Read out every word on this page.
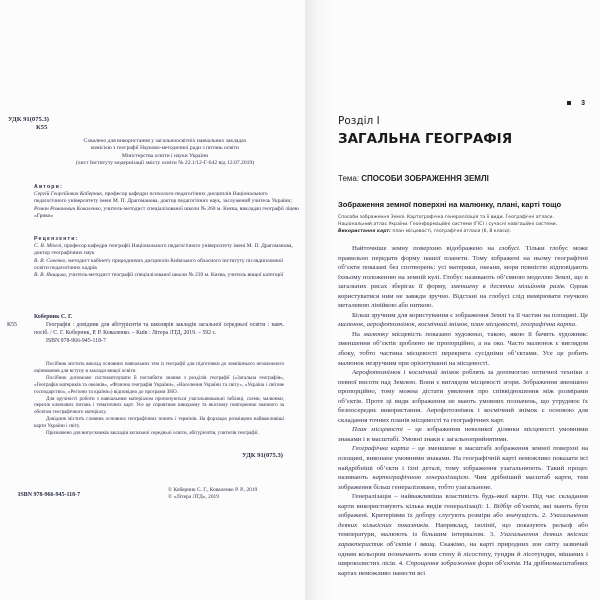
УДК 91(075.3)
К55
Схвалено для використання у загальноосвітніх навчальних закладах
комісією з географії Науково-методичної ради з питань освіти
Міністерства освіти і науки України
(лист Інституту модернізації змісту освіти № 22.1/12-Г-642 від 12.07.2019)
Автори:
Сергій Георгійович Коберник, професор кафедри психолого-педагогічних дисциплін Національного педагогічного університету імені М. П. Драгоманова, доктор педагогічних наук, заслужений учитель України;
Роман Романович Коваленко, учитель-методист спеціалізованої школи № 260 м. Києва, викладач географії ліцею «Грико»
Рецензенти:
С. В. Міхелі, професор кафедри географії Національного педагогічного університету імені М. П. Драгоманова, доктор географічних наук
В. В. Совенко, методист кабінету природничих дисциплін Київського обласного інституту післядипломної освіти педагогічних кадрів
В. В. Яницька, учитель-методист географії спеціалізованої школи № 239 м. Києва, учитель вищої категорії
К55
Коберник С. Г.
Географія : довідник для абітурієнтів та школярів закладів загальної середньої освіти : навч. посіб. / С. Г. Коберник, Р. Р. Коваленко. – Київ : Літера ЛТД, 2019. – 592 с.
ISBN 978-966-945-118-7

Посібник містить виклад основних навчальних тем із географії для підготовки до зовнішнього незалежного оцінювання для вступу в заклади вищої освіти.

Посібник допоможе систематизувати й поглибити знання з розділів географії («Загальна географія», «Географія материків та океанів», «Фізична географія України», «Населення України та світу», «Україна і світове господарство», «Регіони та країни») відповідно до програми ЗНО.

Для зручності роботи з навчальним матеріалом пропонуються узагальнювальні таблиці, схеми, малюнки, перелік ключових питань і тематичних карт. Усе це сприятиме швидкому та якісному повторенню значного за обсягом географічного матеріалу.

Довідник містить словник основних географічних понять і термінів. На форзацах розміщено найважливіші карти України і світу.

Призначено для випускників закладів загальної середньої освіти, абітурієнтів, учителів географії.

УДК 91(075.3)
ISBN 978-966-945-118-7
© Коберник С. Г., Коваленко Р. Р., 2019
© «Літера ЛТД», 2019
3
Розділ І
ЗАГАЛЬНА ГЕОГРАФІЯ
Тема: СПОСОБИ ЗОБРАЖЕННЯ ЗЕМЛІ
Зображення земної поверхні на малюнку, плані, карті тощо
Способи зображення Землі. Картографічна генералізація та її види. Географічні атласи. Національний атлас України. Геоінформаційні системи (ГІС) і сучасні навігаційні системи.
Використання карт: план місцевості, географічні атласи (6, 8 класи).

Найточніше земну поверхню відображено на глобусі. Тільки глобус може правильно передати форму нашої планети. Тому зображені на ньому географічні об’єкти показані без спотворень: усі материки, океани, моря повністю відповідають їхньому положенню на земній кулі. Глобус називають об’ємною моделлю Землі, що в загальних рисах зберігає її форму, зменшену в десятки мільйонів разів. Однак користуватися ним не завжди зручно. Відстані на глобусі слід вимірювати гнучкою металевою лінійкою або ниткою.

Більш зручним для користування є зображення Землі та її частин на площині. Це малюнок, аерофотознімок, космічний знімок, план місцевості, географічна карта.

На малюнку місцевість показано художньо, такою, якою її бачить художник: зменшення об’єктів зроблено не пропорційно, а на око. Часто малюнок є виглядом збоку, тобто частина місцевості перекрита сусідніми об’єктами. Усе це робить малюнок незручним при орієнтуванні на місцевості.

Аерофотознімок і космічний знімок роблять за допомогою оптичної техніки з певної висоти над Землею. Вони є виглядом місцевості згори. Зображення зменшено пропорційно, тому можна дістати уявлення про співвідношення між розмірами об’єктів. Проте ці види зображення не мають умовних позначень, що утруднює їх безпосереднє використання. Аерофотознімок і космічний знімок є основою для складання точних планів місцевості та географічних карт.

План місцевості – це зображення невеликої ділянки місцевості умовними знаками і в масштабі. Умовні знаки є загальноприйнятими.

Географічна карта – це зменшене в масштабі зображення земної поверхні на площині, виконане умовними знаками. На географічній карті неможливо показати всі найдрібніші об’єкти і їхні деталі, тому зображення узагальнюють. Такий процес називають картографічною генералізацією. Чим дрібніший масштаб карти, тим зображення більш генералізоване, тобто узагальнене.

Генералізація – найважливіша властивість будь-якої карти. Під час складання карти використовують кілька видів генералізації: 1. Відбір об’єктів, які мають бути зображені. Критеріями їх добору слугують розміри або значущість. 2. Узагальнення деяких кількісних показників. Наприклад, ізолінії, що показують рельєф або температури, малюють із більшим інтервалом. 3. Узагальнення деяких якісних характеристик об’єктів і явищ. Скажімо, на карті природних зон світу зазвичай одним кольором позначають зони степу й лісостепу, тундри й лісотундри, мішаних і широколистих лісів. 4. Спрощення зображення форм об’єктів. На дрібномасштабних картах неможливо нанести всі
